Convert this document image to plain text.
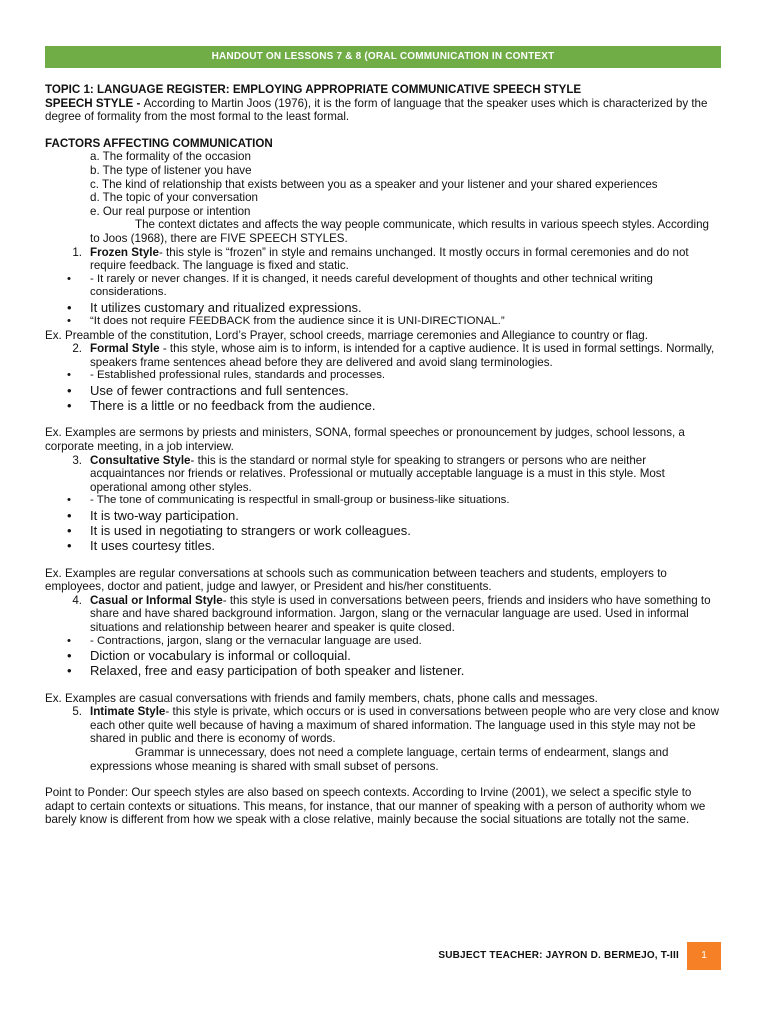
HANDOUT ON LESSONS 7 & 8 (ORAL COMMUNICATION IN CONTEXT

TOPIC 1: LANGUAGE REGISTER: EMPLOYING APPROPRIATE COMMUNICATIVE SPEECH STYLE

SPEECH STYLE - According to Martin Joos (1976), it is the form of language that the speaker uses which is characterized by the degree of formality from the most formal to the least formal.

FACTORS AFFECTING COMMUNICATION

a. The formality of the occasion

b. The type of listener you have

c. The kind of relationship that exists between you as a speaker and your listener and your shared experiences

d. The topic of your conversation

e. Our real purpose or intention

The context dictates and affects the way people communicate, which results in various speech styles. According to Joos (1968), there are FIVE SPEECH STYLES.

1. Frozen Style- this style is “frozen” in style and remains unchanged. It mostly occurs in formal ceremonies and do not require feedback. The language is fixed and static.
•	- It rarely or never changes. If it is changed, it needs careful development of thoughts and other technical writing considerations.
•	It utilizes customary and ritualized expressions.
•	“It does not require FEEDBACK from the audience since it is UNI-DIRECTIONAL.”

Ex. Preamble of the constitution, Lord’s Prayer, school creeds, marriage ceremonies and Allegiance to country or flag.

2. Formal Style - this style, whose aim is to inform, is intended for a captive audience. It is used in formal settings. Normally, speakers frame sentences ahead before they are delivered and avoid slang terminologies.
•	- Established professional rules, standards and processes.
•	Use of fewer contractions and full sentences.
•	There is a little or no feedback from the audience.

Ex. Examples are sermons by priests and ministers, SONA, formal speeches or pronouncement by judges, school lessons, a corporate meeting, in a job interview.

3. Consultative Style- this is the standard or normal style for speaking to strangers or persons who are neither acquaintances nor friends or relatives. Professional or mutually acceptable language is a must in this style. Most operational among other styles.
•	- The tone of communicating is respectful in small-group or business-like situations.
•	It is two-way participation.
•	It is used in negotiating to strangers or work colleagues.
•	It uses courtesy titles.

Ex. Examples are regular conversations at schools such as communication between teachers and students, employers to employees, doctor and patient, judge and lawyer, or President and his/her constituents.

4. Casual or Informal Style- this style is used in conversations between peers, friends and insiders who have something to share and have shared background information. Jargon, slang or the vernacular language are used. Used in informal situations and relationship between hearer and speaker is quite closed.
•	- Contractions, jargon, slang or the vernacular language are used.
•	Diction or vocabulary is informal or colloquial.
•	Relaxed, free and easy participation of both speaker and listener.

Ex. Examples are casual conversations with friends and family members, chats, phone calls and messages.

5. Intimate Style- this style is private, which occurs or is used in conversations between people who are very close and know each other quite well because of having a maximum of shared information. The language used in this style may not be shared in public and there is economy of words.

Grammar is unnecessary, does not need a complete language, certain terms of endearment, slangs and expressions whose meaning is shared with small subset of persons.

Point to Ponder: Our speech styles are also based on speech contexts. According to Irvine (2001), we select a specific style to adapt to certain contexts or situations. This means, for instance, that our manner of speaking with a person of authority whom we barely know is different from how we speak with a close relative, mainly because the social situations are totally not the same.

SUBJECT TEACHER: JAYRON D. BERMEJO, T-III	1
